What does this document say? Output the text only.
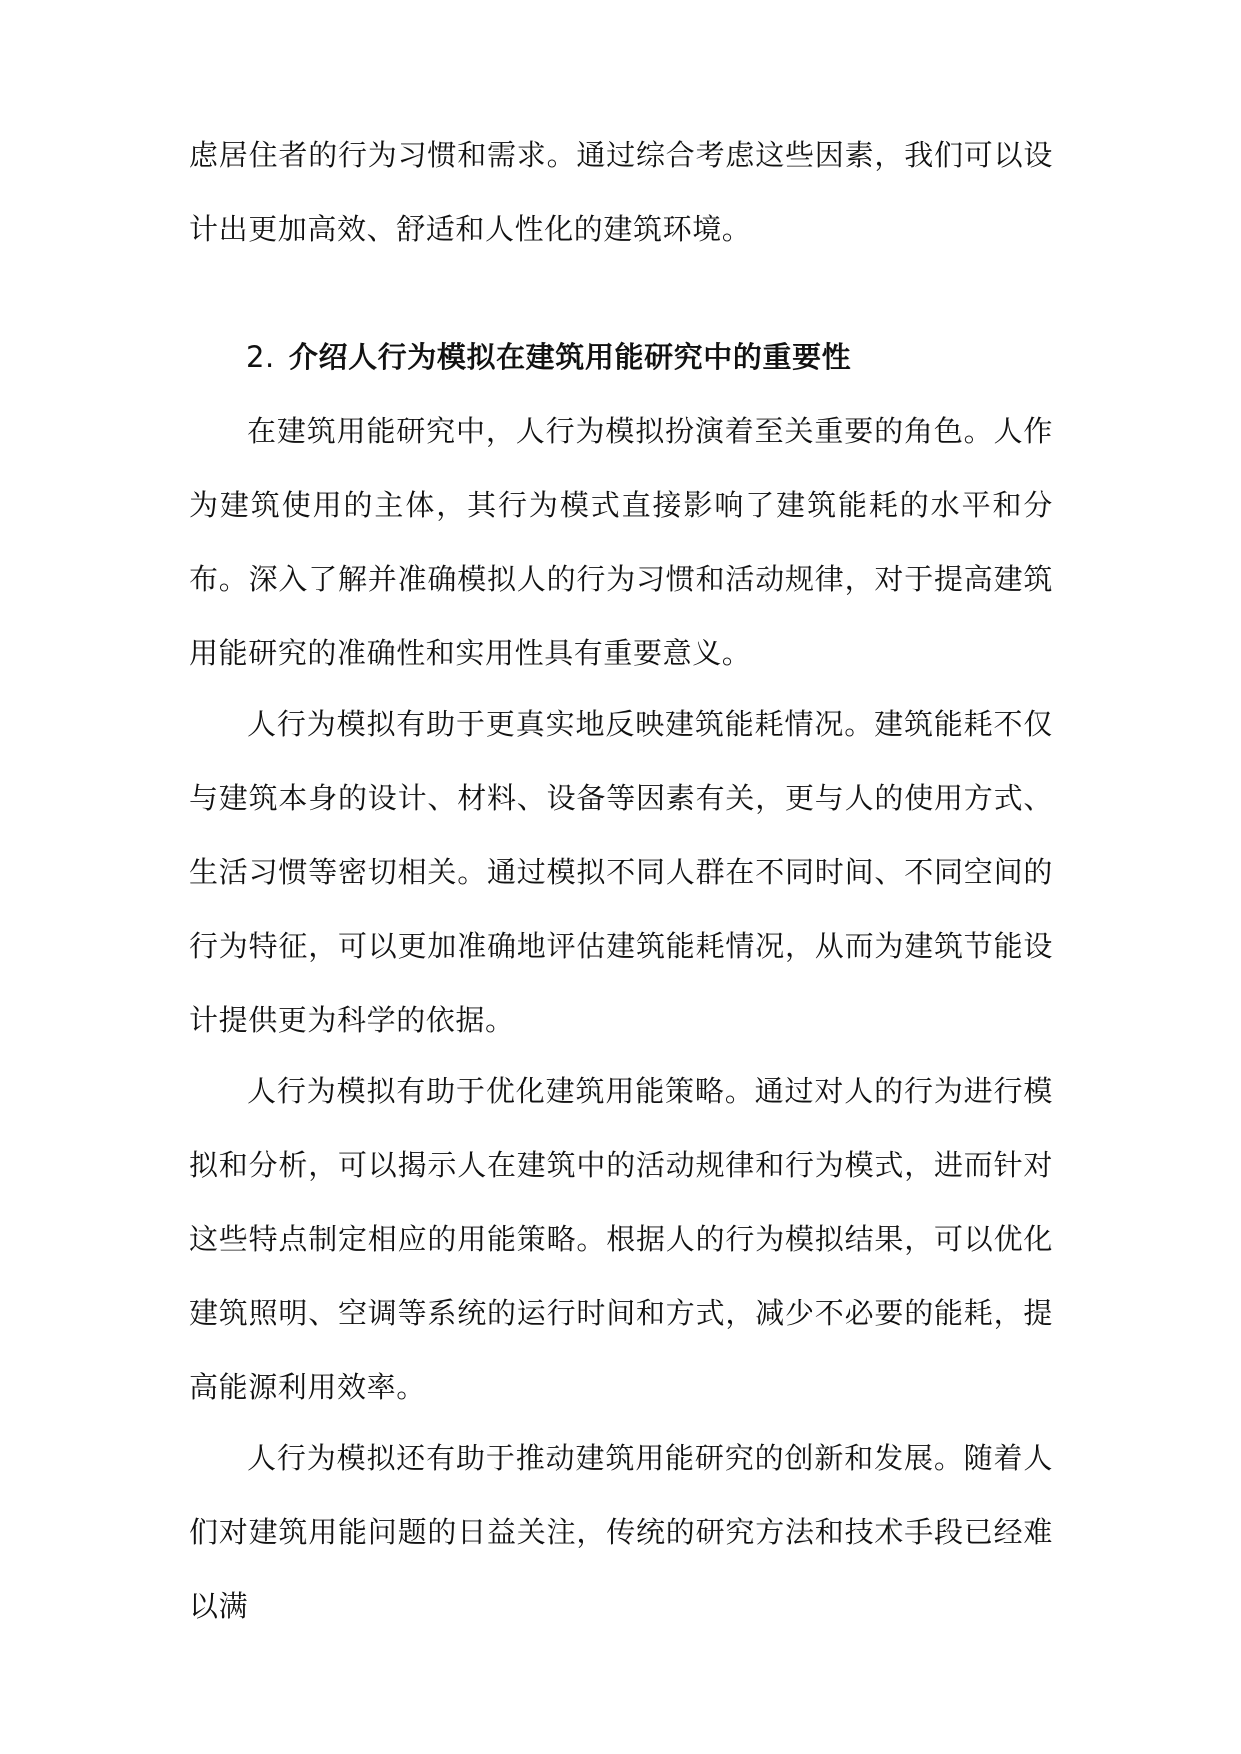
虑居住者的行为习惯和需求。通过综合考虑这些因素，我们可以设计出更加高效、舒适和人性化的建筑环境。

2. 介绍人行为模拟在建筑用能研究中的重要性

在建筑用能研究中，人行为模拟扮演着至关重要的角色。人作为建筑使用的主体，其行为模式直接影响了建筑能耗的水平和分布。深入了解并准确模拟人的行为习惯和活动规律，对于提高建筑用能研究的准确性和实用性具有重要意义。

人行为模拟有助于更真实地反映建筑能耗情况。建筑能耗不仅与建筑本身的设计、材料、设备等因素有关，更与人的使用方式、生活习惯等密切相关。通过模拟不同人群在不同时间、不同空间的行为特征，可以更加准确地评估建筑能耗情况，从而为建筑节能设计提供更为科学的依据。

人行为模拟有助于优化建筑用能策略。通过对人的行为进行模拟和分析，可以揭示人在建筑中的活动规律和行为模式，进而针对这些特点制定相应的用能策略。根据人的行为模拟结果，可以优化建筑照明、空调等系统的运行时间和方式，减少不必要的能耗，提高能源利用效率。

人行为模拟还有助于推动建筑用能研究的创新和发展。随着人们对建筑用能问题的日益关注，传统的研究方法和技术手段已经难以满
